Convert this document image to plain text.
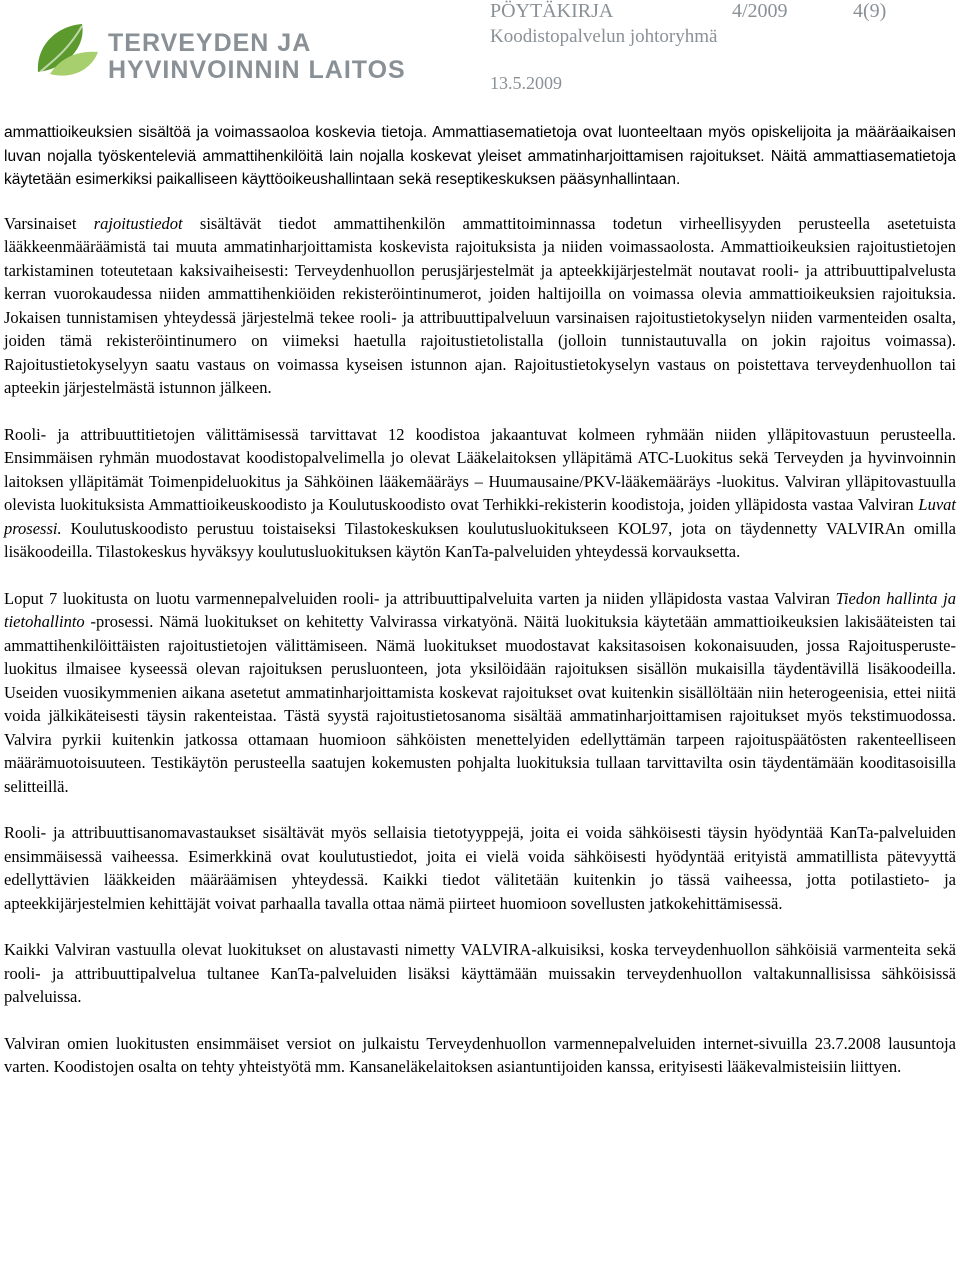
TERVEYDEN JA
HYVINVOINNIN LAITOS
PÖYTÄKIRJA	4/2009	4(9)
Koodistopalvelun johtoryhmä
13.5.2009

ammattioikeuksien sisältöä ja voimassaoloa koskevia tietoja. Ammattiasematietoja ovat luonteeltaan myös opiskelijoita ja määräaikaisen luvan nojalla työskenteleviä ammattihenkilöitä lain nojalla koskevat yleiset ammatinharjoittamisen rajoitukset. Näitä ammattiasematietoja käytetään esimerkiksi paikalliseen käyttöoikeushallintaan sekä reseptikeskuksen pääsynhallintaan.

Varsinaiset rajoitustiedot sisältävät tiedot ammattihenkilön ammattitoiminnassa todetun virheellisyyden perusteella asetetuista lääkkeenmääräämistä tai muuta ammatinharjoittamista koskevista rajoituksista ja niiden voimassaolosta. Ammattioikeuksien rajoitustietojen tarkistaminen toteutetaan kaksivaiheisesti: Terveydenhuollon perusjärjestelmät ja apteekkijärjestelmät noutavat rooli- ja attribuuttipalvelusta kerran vuorokaudessa niiden ammattihenkiöiden rekisteröintinumerot, joiden haltijoilla on voimassa olevia ammattioikeuksien rajoituksia. Jokaisen tunnistamisen yhteydessä järjestelmä tekee rooli- ja attribuuttipalveluun varsinaisen rajoitustietokyselyn niiden varmenteiden osalta, joiden tämä rekisteröintinumero on viimeksi haetulla rajoitustietolistalla (jolloin tunnistautuvalla on jokin rajoitus voimassa). Rajoitustietokyselyyn saatu vastaus on voimassa kyseisen istunnon ajan. Rajoitustietokyselyn vastaus on poistettava terveydenhuollon tai apteekin järjestelmästä istunnon jälkeen.

Rooli- ja attribuuttitietojen välittämisessä tarvittavat 12 koodistoa jakaantuvat kolmeen ryhmään niiden ylläpitovastuun perusteella. Ensimmäisen ryhmän muodostavat koodistopalvelimella jo olevat Lääkelaitoksen ylläpitämä ATC-Luokitus sekä Terveyden ja hyvinvoinnin laitoksen ylläpitämät Toimenpideluokitus ja Sähköinen lääkemääräys – Huumausaine/PKV-lääkemääräys -luokitus. Valviran ylläpitovastuulla olevista luokituksista Ammattioikeuskoodisto ja Koulutuskoodisto ovat Terhikki-rekisterin koodistoja, joiden ylläpidosta vastaa Valviran Luvat prosessi. Koulutuskoodisto perustuu toistaiseksi Tilastokeskuksen koulutusluokitukseen KOL97, jota on täydennetty VALVIRAn omilla lisäkoodeilla. Tilastokeskus hyväksyy koulutusluokituksen käytön KanTa-palveluiden yhteydessä korvauksetta.

Loput 7 luokitusta on luotu varmennepalveluiden rooli- ja attribuuttipalveluita varten ja niiden ylläpidosta vastaa Valviran Tiedon hallinta ja tietohallinto -prosessi. Nämä luokitukset on kehitetty Valvirassa virkatyönä. Näitä luokituksia käytetään ammattioikeuksien lakisääteisten tai ammattihenkilöittäisten rajoitustietojen välittämiseen. Nämä luokitukset muodostavat kaksitasoisen kokonaisuuden, jossa Rajoitusperuste-luokitus ilmaisee kyseessä olevan rajoituksen perusluonteen, jota yksilöidään rajoituksen sisällön mukaisilla täydentävillä lisäkoodeilla. Useiden vuosikymmenien aikana asetetut ammatinharjoittamista koskevat rajoitukset ovat kuitenkin sisällöltään niin heterogeenisia, ettei niitä voida jälkikäteisesti täysin rakenteistaa. Tästä syystä rajoitustietosanoma sisältää ammatinharjoittamisen rajoitukset myös tekstimuodossa. Valvira pyrkii kuitenkin jatkossa ottamaan huomioon sähköisten menettelyiden edellyttämän tarpeen rajoituspäätösten rakenteelliseen määrämuotoisuuteen. Testikäytön perusteella saatujen kokemusten pohjalta luokituksia tullaan tarvittavilta osin täydentämään kooditasoisilla selitteillä.

Rooli- ja attribuuttisanomavastaukset sisältävät myös sellaisia tietotyyppejä, joita ei voida sähköisesti täysin hyödyntää KanTa-palveluiden ensimmäisessä vaiheessa. Esimerkkinä ovat koulutustiedot, joita ei vielä voida sähköisesti hyödyntää erityistä ammatillista pätevyyttä edellyttävien lääkkeiden määräämisen yhteydessä. Kaikki tiedot välitetään kuitenkin jo tässä vaiheessa, jotta potilastieto- ja apteekkijärjestelmien kehittäjät voivat parhaalla tavalla ottaa nämä piirteet huomioon sovellusten jatkokehittämisessä.

Kaikki Valviran vastuulla olevat luokitukset on alustavasti nimetty VALVIRA-alkuisiksi, koska terveydenhuollon sähköisiä varmenteita sekä rooli- ja attribuuttipalvelua tultanee KanTa-palveluiden lisäksi käyttämään muissakin terveydenhuollon valtakunnallisissa sähköisissä palveluissa.

Valviran omien luokitusten ensimmäiset versiot on julkaistu Terveydenhuollon varmennepalveluiden internet-sivuilla 23.7.2008 lausuntoja varten. Koodistojen osalta on tehty yhteistyötä mm. Kansaneläkelaitoksen asiantuntijoiden kanssa, erityisesti lääkevalmisteisiin liittyen.
